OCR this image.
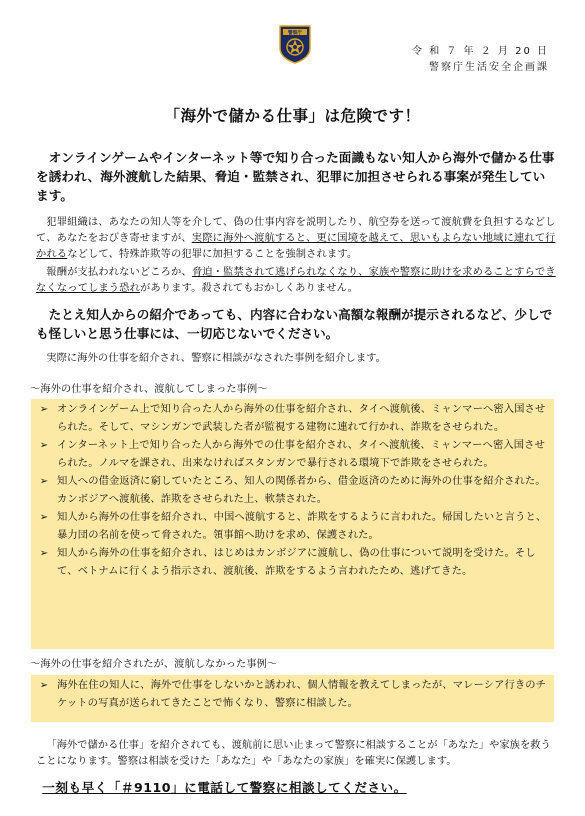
警察庁
令 和 ７ 年 ２ 月 20 日
警察庁生活安全企画課
「海外で儲かる仕事」は危険です！
オンラインゲームやインターネット等で知り合った面識もない知人から海外で儲かる仕事を誘われ、海外渡航した結果、脅迫・監禁され、犯罪に加担させられる事案が発生しています。
犯罪組織は、あなたの知人等を介して、偽の仕事内容を説明したり、航空券を送って渡航費を負担するなどして、あなたをおびき寄せますが、実際に海外へ渡航すると、更に国境を越えて、思いもよらない地域に連れて行かれるなどして、特殊詐欺等の犯罪に加担することを強制されます。
報酬が支払われないどころか、脅迫・監禁されて逃げられなくなり、家族や警察に助けを求めることすらできなくなってしまう恐れがあります。殺されてもおかしくありません。
たとえ知人からの紹介であっても、内容に合わない高額な報酬が提示されるなど、少しでも怪しいと思う仕事には、一切応じないでください。
実際に海外の仕事を紹介され、警察に相談がなされた事例を紹介します。
～海外の仕事を紹介され、渡航してしまった事例～
➢ オンラインゲーム上で知り合った人から海外の仕事を紹介され、タイへ渡航後、ミャンマーへ密入国させられた。そして、マシンガンで武装した者が監視する建物に連れて行かれ、詐欺をさせられた。
➢ インターネット上で知り合った人から海外での仕事を紹介され、タイへ渡航後、ミャンマーへ密入国させられた。ノルマを課され、出来なければスタンガンで暴行される環境下で詐欺をさせられた。
➢ 知人への借金返済に窮していたところ、知人の関係者から、借金返済のために海外の仕事を紹介された。カンボジアへ渡航後、詐欺をさせられた上、軟禁された。
➢ 知人から海外の仕事を紹介され、中国へ渡航すると、詐欺をするように言われた。帰国したいと言うと、暴力団の名前を使って脅された。領事館へ助けを求め、保護された。
➢ 知人から海外の仕事を紹介され、はじめはカンボジアに渡航し、偽の仕事について説明を受けた。そして、ベトナムに行くよう指示され、渡航後、詐欺をするよう言われたため、逃げてきた。
～海外の仕事を紹介されたが、渡航しなかった事例～
➢ 海外在住の知人に、海外で仕事をしないかと誘われ、個人情報を教えてしまったが、マレーシア行きのチケットの写真が送られてきたことで怖くなり、警察に相談した。
「海外で儲かる仕事」を紹介されても、渡航前に思い止まって警察に相談することが「あなた」や家族を救うことになります。警察は相談を受けた「あなた」や「あなたの家族」を確実に保護します。
一刻も早く「＃9110」に電話して警察に相談してください。
